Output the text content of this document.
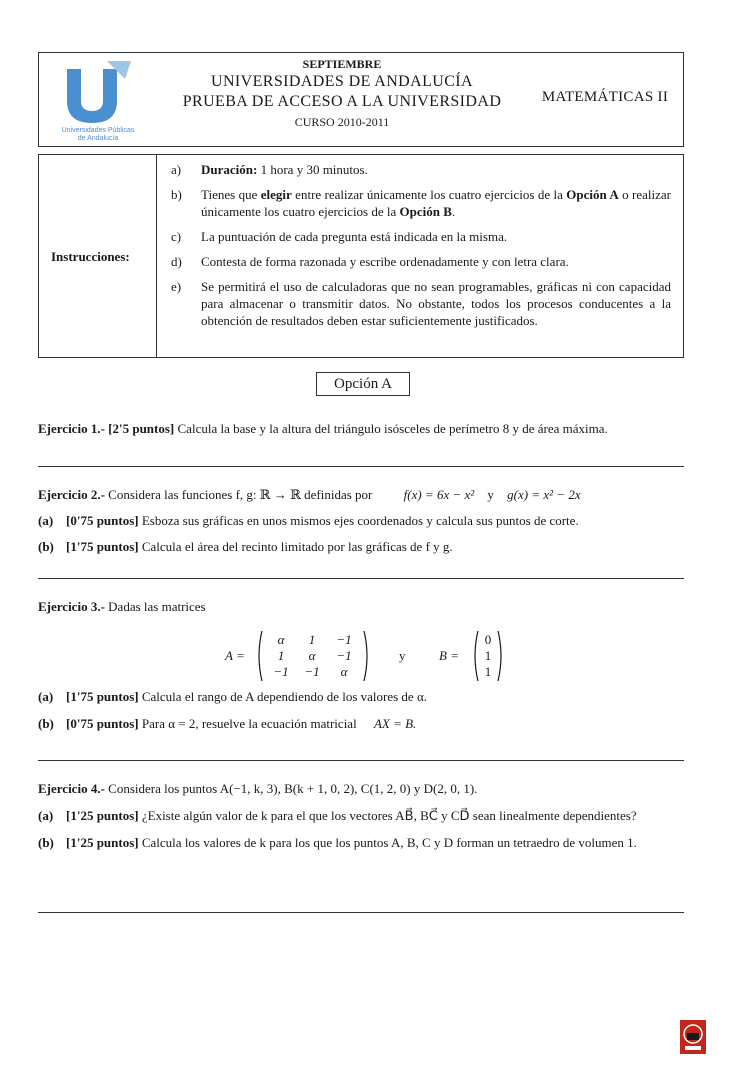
Universidades Públicas
de Andalucía
SEPTIEMBRE
UNIVERSIDADES DE ANDALUCÍA
PRUEBA DE ACCESO A LA UNIVERSIDAD
CURSO 2010-2011
MATEMÁTICAS II
Instrucciones:
a) Duración: 1 hora y 30 minutos.
b) Tienes que elegir entre realizar únicamente los cuatro ejercicios de la Opción A o realizar únicamente los cuatro ejercicios de la Opción B.
c) La puntuación de cada pregunta está indicada en la misma.
d) Contesta de forma razonada y escribe ordenadamente y con letra clara.
e) Se permitirá el uso de calculadoras que no sean programables, gráficas ni con capacidad para almacenar o transmitir datos. No obstante, todos los procesos conducentes a la obtención de resultados deben estar suficientemente justificados.
Opción A
Ejercicio 1.- [2'5 puntos] Calcula la base y la altura del triángulo isósceles de perímetro 8 y de área máxima.
Ejercicio 2.- Considera las funciones f, g: ℝ → ℝ definidas por f(x) = 6x − x² y g(x) = x² − 2x
(a) [0'75 puntos] Esboza sus gráficas en unos mismos ejes coordenados y calcula sus puntos de corte.
(b) [1'75 puntos] Calcula el área del recinto limitado por las gráficas de f y g.
Ejercicio 3.- Dadas las matrices
A =
α	1	−1
1	α	−1
−1	−1	α
y	B =
0
1
1
(a) [1'75 puntos] Calcula el rango de A dependiendo de los valores de α.
(b) [0'75 puntos] Para α = 2, resuelve la ecuación matricial AX = B.
Ejercicio 4.- Considera los puntos A(−1, k, 3), B(k + 1, 0, 2), C(1, 2, 0) y D(2, 0, 1).
(a) [1'25 puntos] ¿Existe algún valor de k para el que los vectores AB⃗, BC⃗ y CD⃗ sean linealmente dependientes?
(b) [1'25 puntos] Calcula los valores de k para los que los puntos A, B, C y D forman un tetraedro de volumen 1.
